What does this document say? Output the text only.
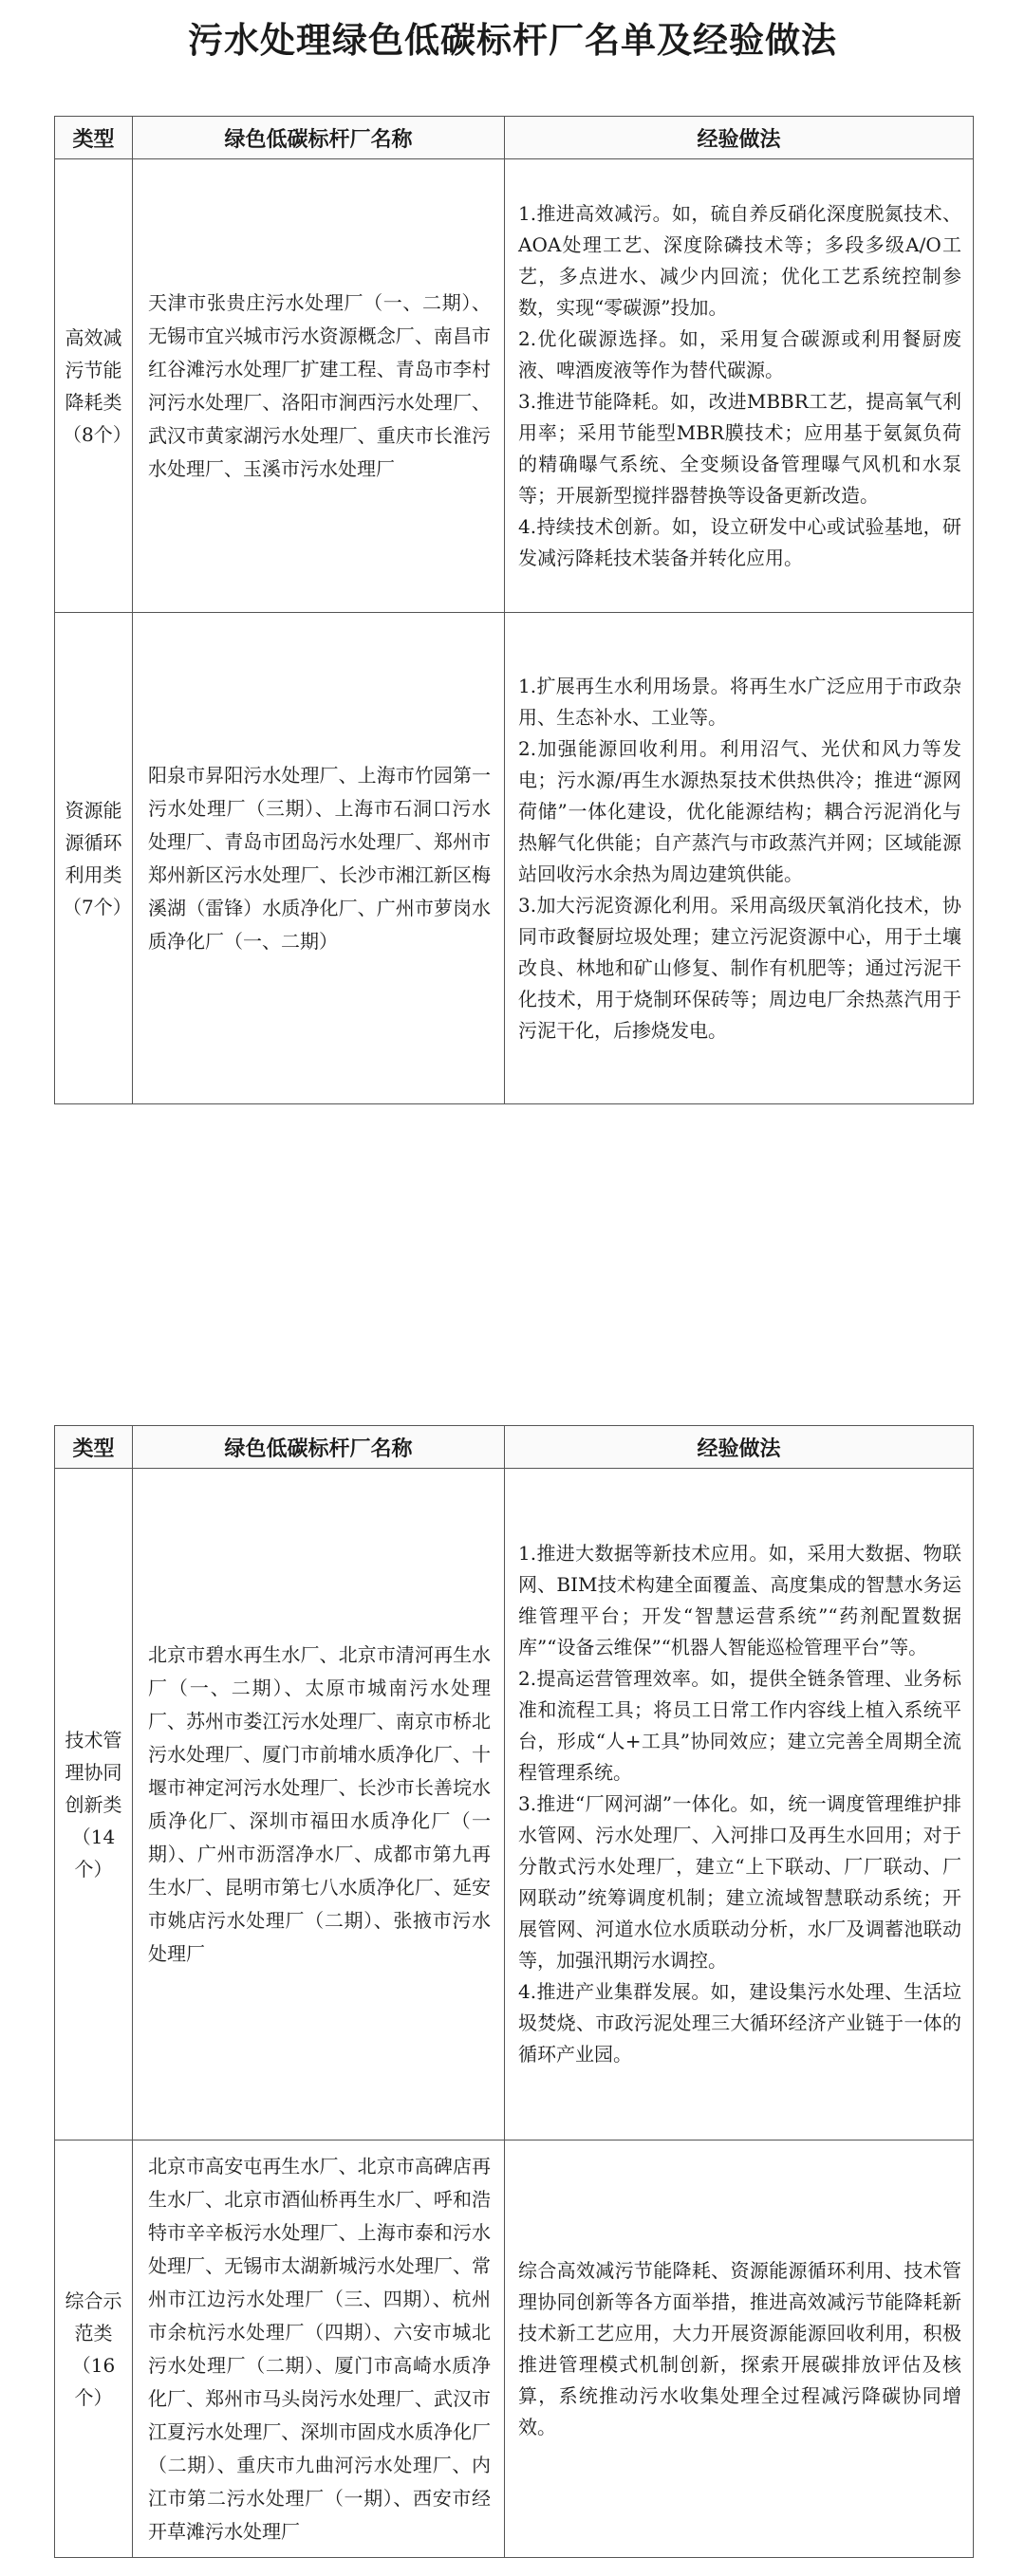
污水处理绿色低碳标杆厂名单及经验做法
类型	绿色低碳标杆厂名称	经验做法
高效减污节能降耗类（8个）	天津市张贵庄污水处理厂（一、二期）、无锡市宜兴城市污水资源概念厂、南昌市红谷滩污水处理厂扩建工程、青岛市李村河污水处理厂、洛阳市涧西污水处理厂、武汉市黄家湖污水处理厂、重庆市长淮污水处理厂、玉溪市污水处理厂	1.推进高效减污。如，硫自养反硝化深度脱氮技术、AOA处理工艺、深度除磷技术等；多段多级A/O工艺，多点进水、减少内回流；优化工艺系统控制参数，实现“零碳源”投加。

2.优化碳源选择。如，采用复合碳源或利用餐厨废液、啤酒废液等作为替代碳源。

3.推进节能降耗。如，改进MBBR工艺，提高氧气利用率；采用节能型MBR膜技术；应用基于氨氮负荷的精确曝气系统、全变频设备管理曝气风机和水泵等；开展新型搅拌器替换等设备更新改造。

4.持续技术创新。如，设立研发中心或试验基地，研发减污降耗技术装备并转化应用。

资源能源循环利用类（7个）	阳泉市昇阳污水处理厂、上海市竹园第一污水处理厂（三期）、上海市石洞口污水处理厂、青岛市团岛污水处理厂、郑州市郑州新区污水处理厂、长沙市湘江新区梅溪湖（雷锋）水质净化厂、广州市萝岗水质净化厂（一、二期）	1.扩展再生水利用场景。将再生水广泛应用于市政杂用、生态补水、工业等。

2.加强能源回收利用。利用沼气、光伏和风力等发电；污水源/再生水源热泵技术供热供冷；推进“源网荷储”一体化建设，优化能源结构；耦合污泥消化与热解气化供能；自产蒸汽与市政蒸汽并网；区域能源站回收污水余热为周边建筑供能。

3.加大污泥资源化利用。采用高级厌氧消化技术，协同市政餐厨垃圾处理；建立污泥资源中心，用于土壤改良、林地和矿山修复、制作有机肥等；通过污泥干化技术，用于烧制环保砖等；周边电厂余热蒸汽用于污泥干化，后掺烧发电。

类型	绿色低碳标杆厂名称	经验做法
技术管理协同创新类（14个）	北京市碧水再生水厂、北京市清河再生水厂（一、二期）、太原市城南污水处理厂、苏州市娄江污水处理厂、南京市桥北污水处理厂、厦门市前埔水质净化厂、十堰市神定河污水处理厂、长沙市长善垸水质净化厂、深圳市福田水质净化厂（一期）、广州市沥滘净水厂、成都市第九再生水厂、昆明市第七八水质净化厂、延安市姚店污水处理厂（二期）、张掖市污水处理厂	1.推进大数据等新技术应用。如，采用大数据、物联网、BIM技术构建全面覆盖、高度集成的智慧水务运维管理平台；开发“智慧运营系统”“药剂配置数据库”“设备云维保”“机器人智能巡检管理平台”等。

2.提高运营管理效率。如，提供全链条管理、业务标准和流程工具；将员工日常工作内容线上植入系统平台，形成“人+工具”协同效应；建立完善全周期全流程管理系统。

3.推进“厂网河湖”一体化。如，统一调度管理维护排水管网、污水处理厂、入河排口及再生水回用；对于分散式污水处理厂，建立“上下联动、厂厂联动、厂网联动”统筹调度机制；建立流域智慧联动系统；开展管网、河道水位水质联动分析，水厂及调蓄池联动等，加强汛期污水调控。

4.推进产业集群发展。如，建设集污水处理、生活垃圾焚烧、市政污泥处理三大循环经济产业链于一体的循环产业园。

综合示范类（16个）	北京市高安屯再生水厂、北京市高碑店再生水厂、北京市酒仙桥再生水厂、呼和浩特市辛辛板污水处理厂、上海市泰和污水处理厂、无锡市太湖新城污水处理厂、常州市江边污水处理厂（三、四期）、杭州市余杭污水处理厂（四期）、六安市城北污水处理厂（二期）、厦门市高崎水质净化厂、郑州市马头岗污水处理厂、武汉市江夏污水处理厂、深圳市固戍水质净化厂（二期）、重庆市九曲河污水处理厂、内江市第二污水处理厂（一期）、西安市经开草滩污水处理厂	综合高效减污节能降耗、资源能源循环利用、技术管理协同创新等各方面举措，推进高效减污节能降耗新技术新工艺应用，大力开展资源能源回收利用，积极推进管理模式机制创新，探索开展碳排放评估及核算，系统推动污水收集处理全过程减污降碳协同增效。
